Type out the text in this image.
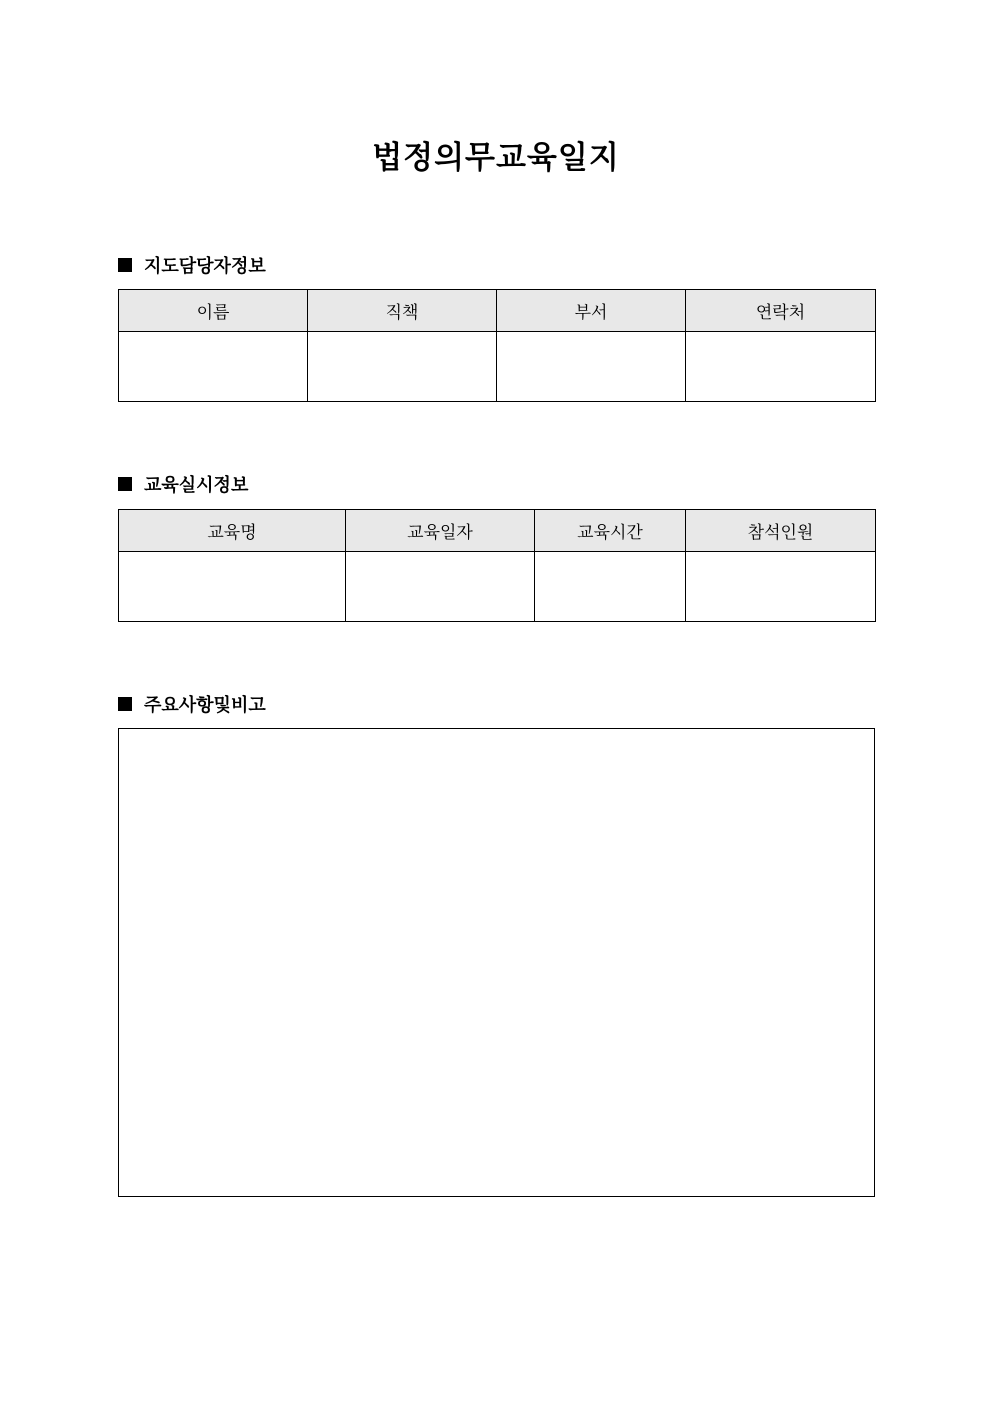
법정의무교육일지
지도담당자정보
이름	직책	부서	연락처

교육실시정보
교육명	교육일자	교육시간	참석인원

주요사항및비고
